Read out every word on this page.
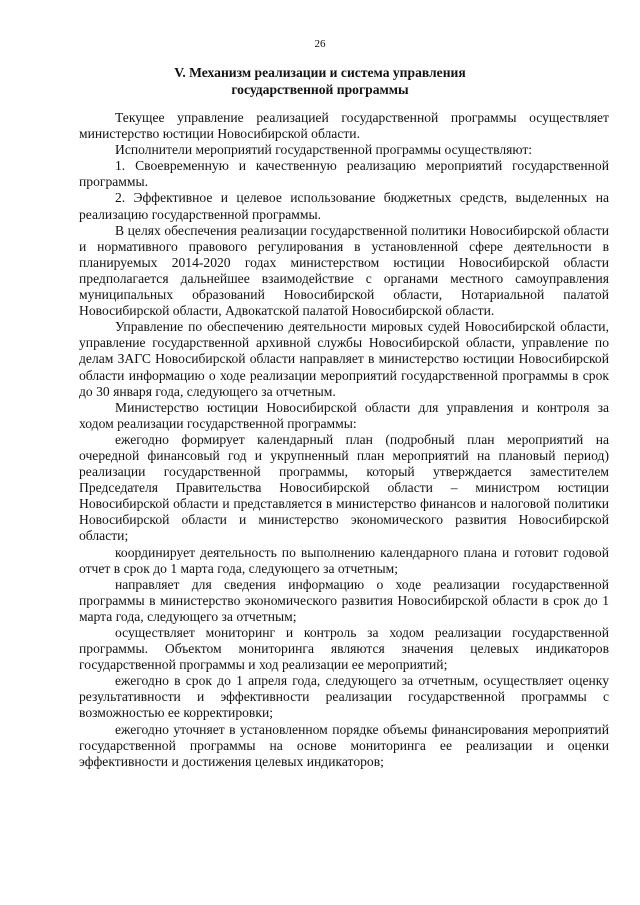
26
V. Механизм реализации и система управления
государственной программы

Текущее управление реализацией государственной программы осуществляет министерство юстиции Новосибирской области.

Исполнители мероприятий государственной программы осуществляют:

1. Своевременную и качественную реализацию мероприятий государственной программы.

2. Эффективное и целевое использование бюджетных средств, выделенных на реализацию государственной программы.

В целях обеспечения реализации государственной политики Новосибирской области и нормативного правового регулирования в установленной сфере деятельности в планируемых 2014-2020 годах министерством юстиции Новосибирской области предполагается дальнейшее взаимодействие с органами местного самоуправления муниципальных образований Новосибирской области, Нотариальной палатой Новосибирской области, Адвокатской палатой Новосибирской области.

Управление по обеспечению деятельности мировых судей Новосибирской области, управление государственной архивной службы Новосибирской области, управление по делам ЗАГС Новосибирской области направляет в министерство юстиции Новосибирской области информацию о ходе реализации мероприятий государственной программы в срок до 30 января года, следующего за отчетным.

Министерство юстиции Новосибирской области для управления и контроля за ходом реализации государственной программы:

ежегодно формирует календарный план (подробный план мероприятий на очередной финансовый год и укрупненный план мероприятий на плановый период) реализации государственной программы, который утверждается заместителем Председателя Правительства Новосибирской области – министром юстиции Новосибирской области и представляется в министерство финансов и налоговой политики Новосибирской области и министерство экономического развития Новосибирской области;

координирует деятельность по выполнению календарного плана и готовит годовой отчет в срок до 1 марта года, следующего за отчетным;

направляет для сведения информацию о ходе реализации государственной программы в министерство экономического развития Новосибирской области в срок до 1 марта года, следующего за отчетным;

осуществляет мониторинг и контроль за ходом реализации государственной программы. Объектом мониторинга являются значения целевых индикаторов государственной программы и ход реализации ее мероприятий;

ежегодно в срок до 1 апреля года, следующего за отчетным, осуществляет оценку результативности и эффективности реализации государственной программы с возможностью ее корректировки;

ежегодно уточняет в установленном порядке объемы финансирования мероприятий государственной программы на основе мониторинга ее реализации и оценки эффективности и достижения целевых индикаторов;
